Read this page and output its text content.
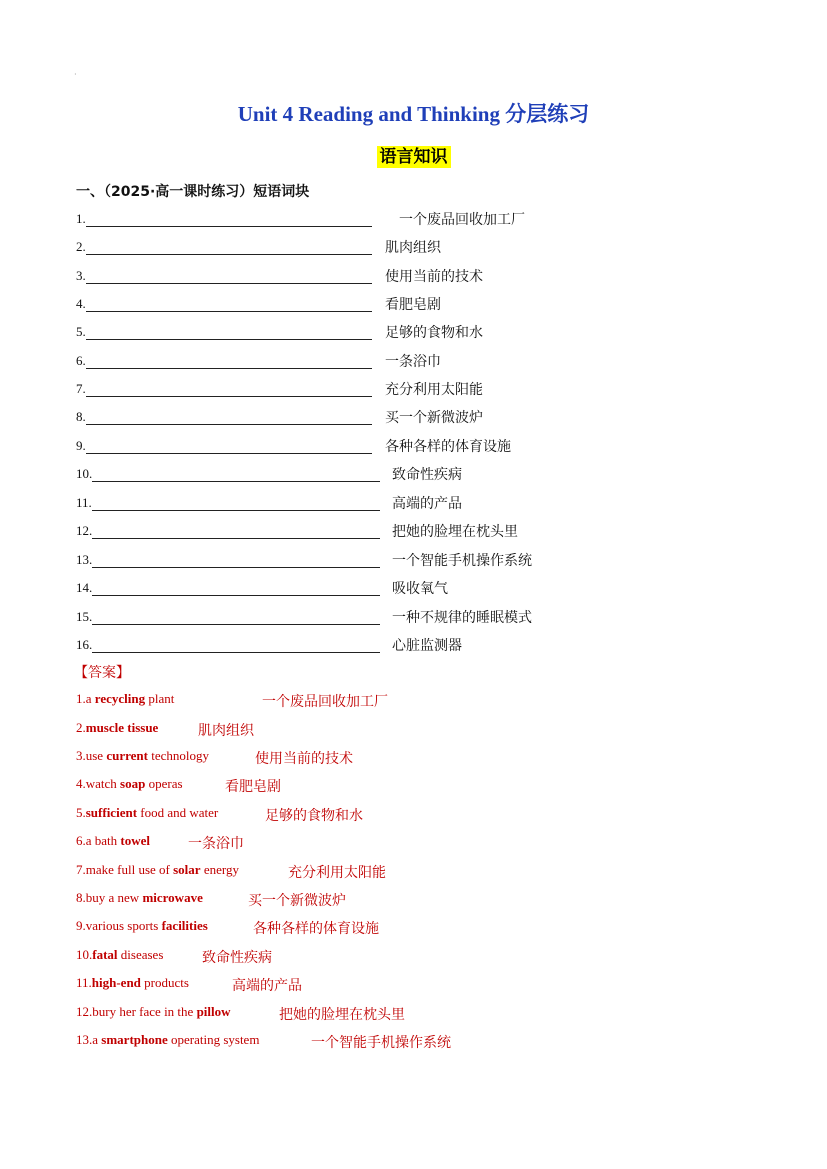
·
Unit 4 Reading and Thinking 分层练习
语言知识
一、（2025·高一课时练习）短语词块
1.	一个废品回收加工厂
2.	肌肉组织
3.	使用当前的技术
4.	看肥皂剧
5.	足够的食物和水
6.	一条浴巾
7.	充分利用太阳能
8.	买一个新微波炉
9.	各种各样的体育设施
10.	致命性疾病
11.	高端的产品
12.	把她的脸埋在枕头里
13.	一个智能手机操作系统
14.	吸收氧气
15.	一种不规律的睡眠模式
16.	心脏监测器
【答案】
1.a recycling plant	一个废品回收加工厂
2.muscle tissue	肌肉组织
3.use current technology	使用当前的技术
4.watch soap operas	看肥皂剧
5.sufficient food and water	足够的食物和水
6.a bath towel	一条浴巾
7.make full use of solar energy	充分利用太阳能
8.buy a new microwave	买一个新微波炉
9.various sports facilities	各种各样的体育设施
10.fatal diseases	致命性疾病
11.high-end products	高端的产品
12.bury her face in the pillow	把她的脸埋在枕头里
13.a smartphone operating system	一个智能手机操作系统
